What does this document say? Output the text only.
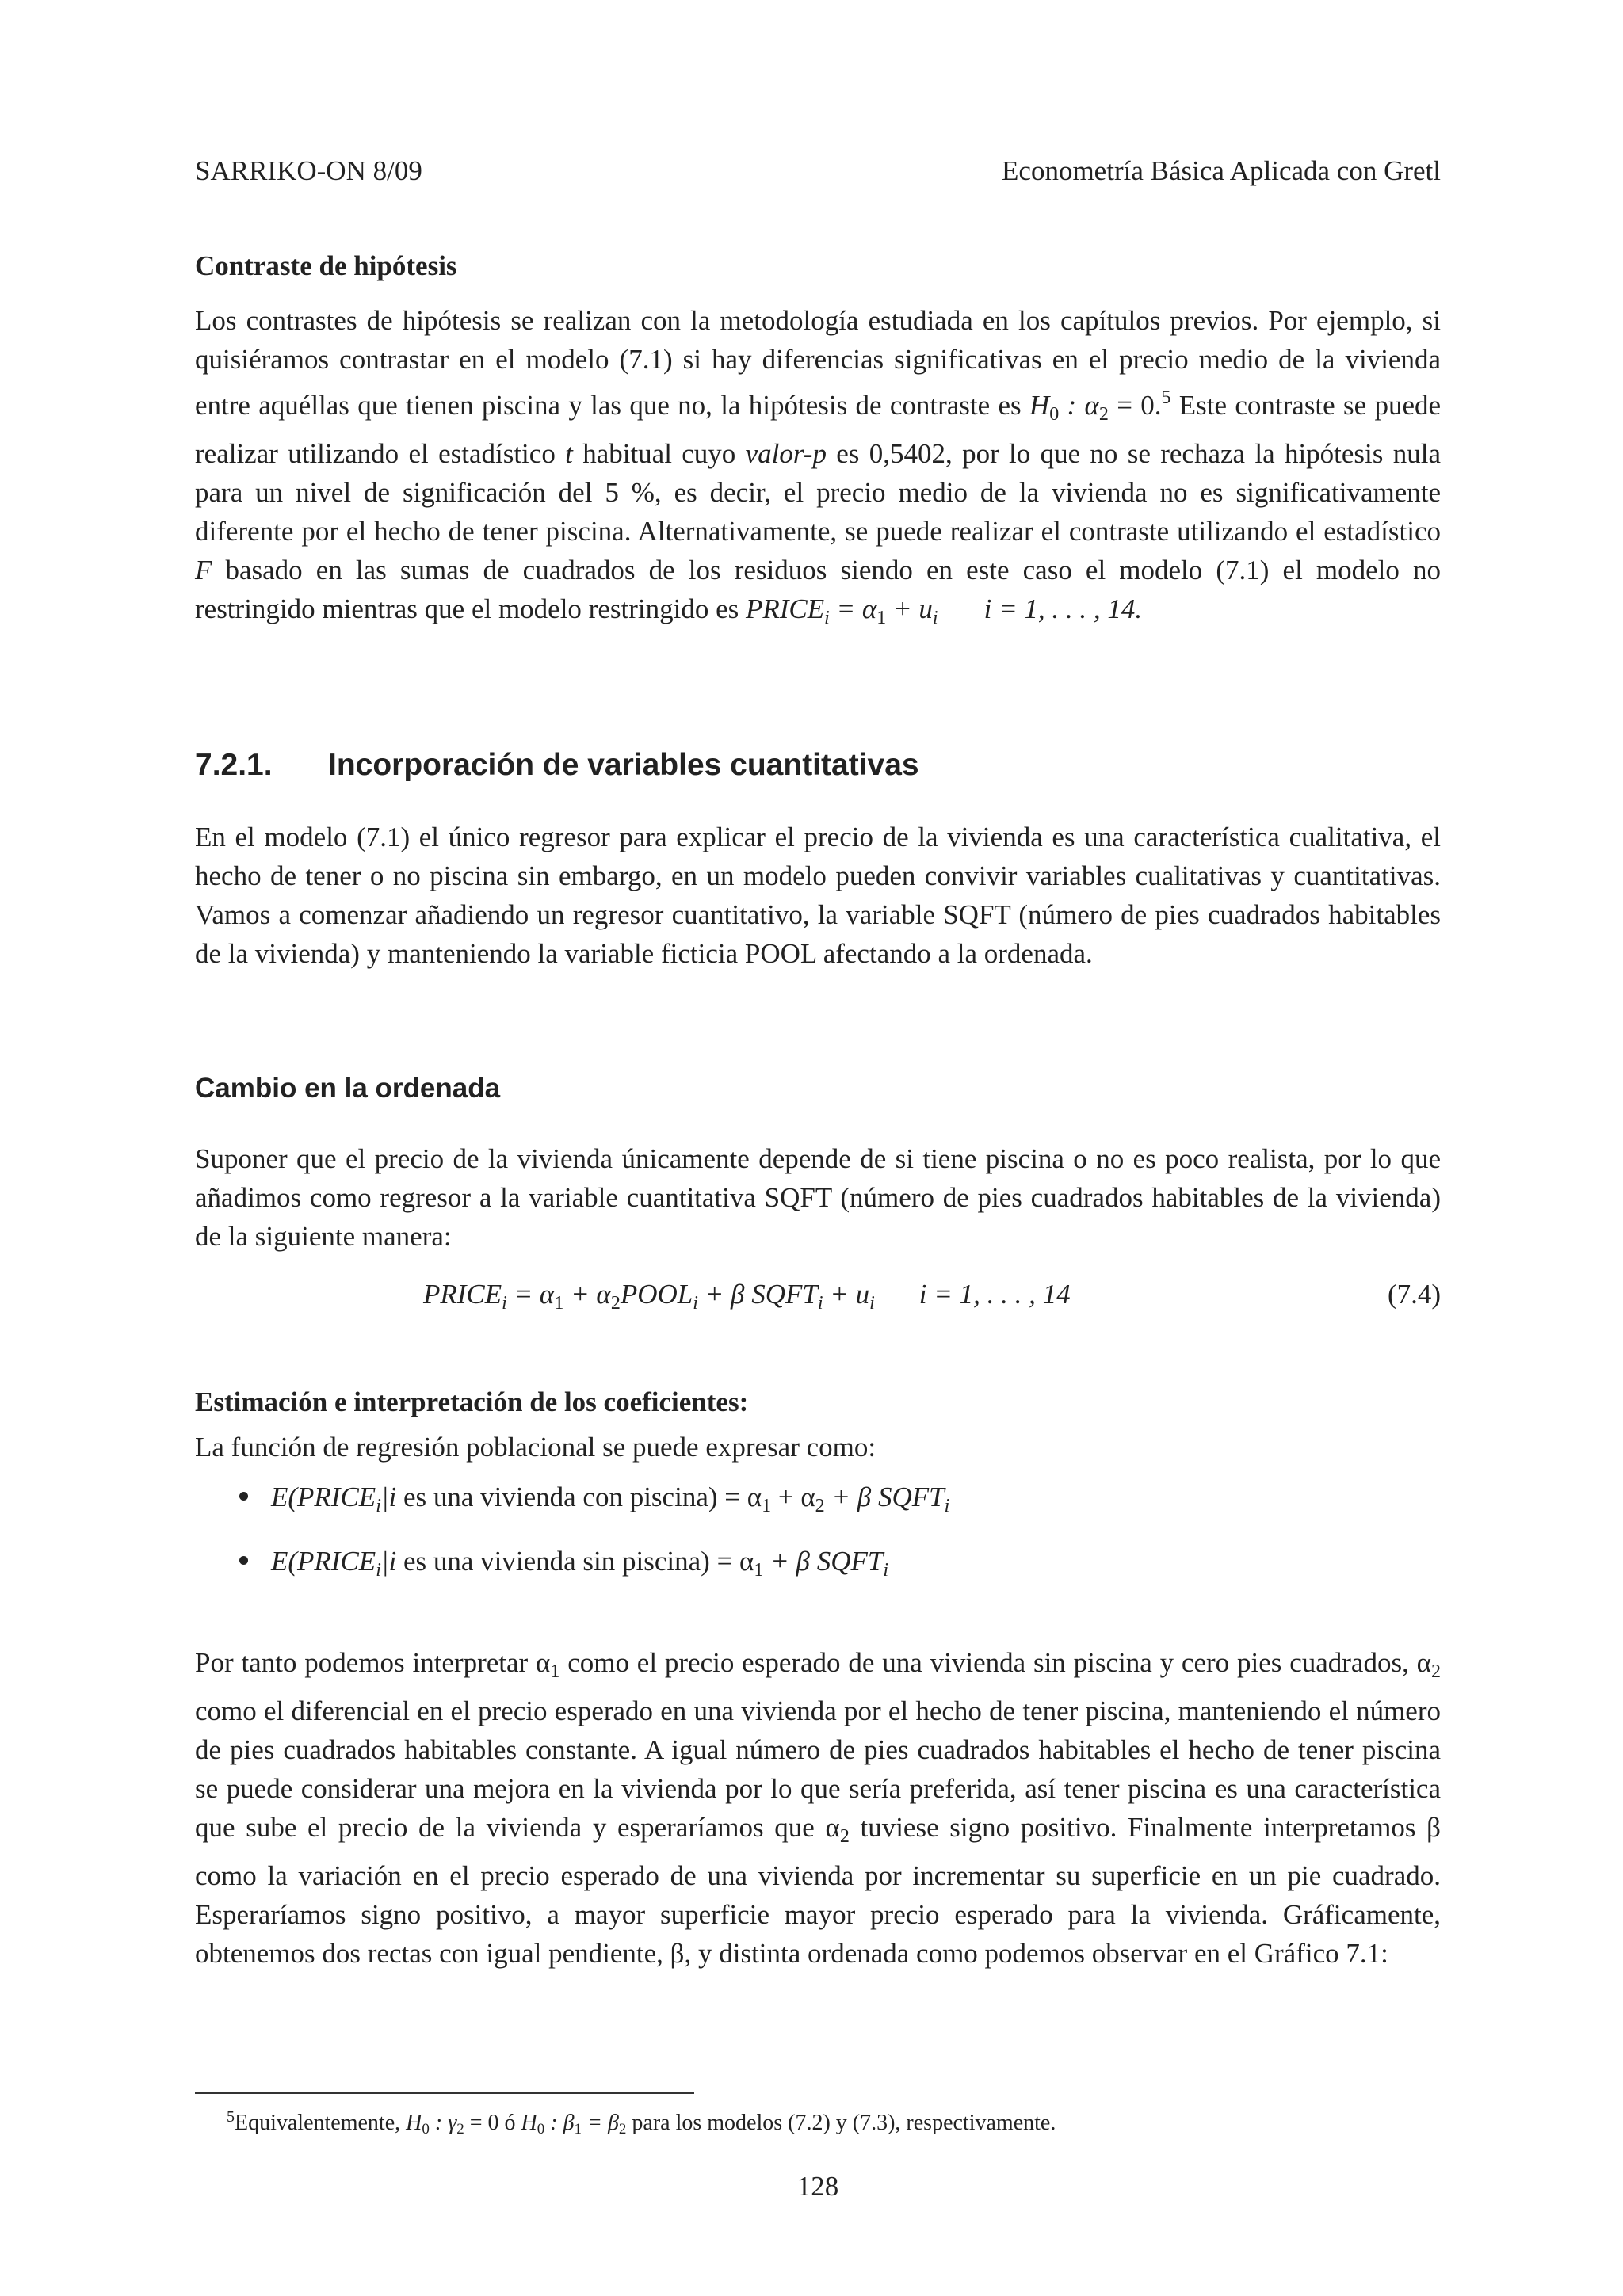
SARRIKO-ON 8/09	Econometría Básica Aplicada con Gretl

Contraste de hipótesis

Los contrastes de hipótesis se realizan con la metodología estudiada en los capítulos previos. Por ejemplo, si quisiéramos contrastar en el modelo (7.1) si hay diferencias significativas en el precio medio de la vivienda entre aquéllas que tienen piscina y las que no, la hipótesis de contraste es $H_0$ : $\alpha_2 = 0.^5$ Este contraste se puede realizar utilizando el estadístico t habitual cuyo valor-p es 0,5402, por lo que no se rechaza la hipótesis nula para un nivel de significación del 5 %, es decir, el precio medio de la vivienda no es significativamente diferente por el hecho de tener piscina. Alternativamente, se puede realizar el contraste utilizando el estadístico F basado en las sumas de cuadrados de los residuos siendo en este caso el modelo (7.1) el modelo no restringido mientras que el modelo restringido es $PRICE_i = \alpha_1 + u_i$ i = 1, . . . , 14.

7.2.1. Incorporación de variables cuantitativas

En el modelo (7.1) el único regresor para explicar el precio de la vivienda es una característica cualitativa, el hecho de tener o no piscina sin embargo, en un modelo pueden convivir variables cualitativas y cuantitativas. Vamos a comenzar añadiendo un regresor cuantitativo, la variable SQFT (número de pies cuadrados habitables de la vivienda) y manteniendo la variable ficticia POOL afectando a la ordenada.

Cambio en la ordenada

Suponer que el precio de la vivienda únicamente depende de si tiene piscina o no es poco realista, por lo que añadimos como regresor a la variable cuantitativa SQFT (número de pies cuadrados habitables de la vivienda) de la siguiente manera:

$PRICE_i = \alpha_1$ + $\alpha_2POOL_i + \beta$ $SQFT_i + u_i$ i = 1, . . . , 14	(7.4)

Estimación e interpretación de los coeficientes:

La función de regresión poblacional se puede expresar como:

$E(PRICE_i|i$ es una vivienda con piscina) = $\alpha_1 + \alpha_2 + \beta$ $SQFT_i$
$E(PRICE_i|i$ es una vivienda sin piscina) = $\alpha_1 + \beta$ $SQFT_i$

Por tanto podemos interpretar $\alpha_1$ como el precio esperado de una vivienda sin piscina y cero pies cuadrados, $\alpha_2$ como el diferencial en el precio esperado en una vivienda por el hecho de tener piscina, manteniendo el número de pies cuadrados habitables constante. A igual número de pies cuadrados habitables el hecho de tener piscina se puede considerar una mejora en la vivienda por lo que sería preferida, así tener piscina es una característica que sube el precio de la vivienda y esperaríamos que $\alpha_2$ tuviese signo positivo. Finalmente interpretamos β como la variación en el precio esperado de una vivienda por incrementar su superficie en un pie cuadrado. Esperaríamos signo positivo, a mayor superficie mayor precio esperado para la vivienda. Gráficamente, obtenemos dos rectas con igual pendiente, β, y distinta ordenada como podemos observar en el Gráfico 7.1:

$^5$Equivalentemente, $H_0$ : $\gamma_2 = 0$ ó $H_0$ : $\beta_1 = \beta_2$ para los modelos (7.2) y (7.3), respectivamente.
128
